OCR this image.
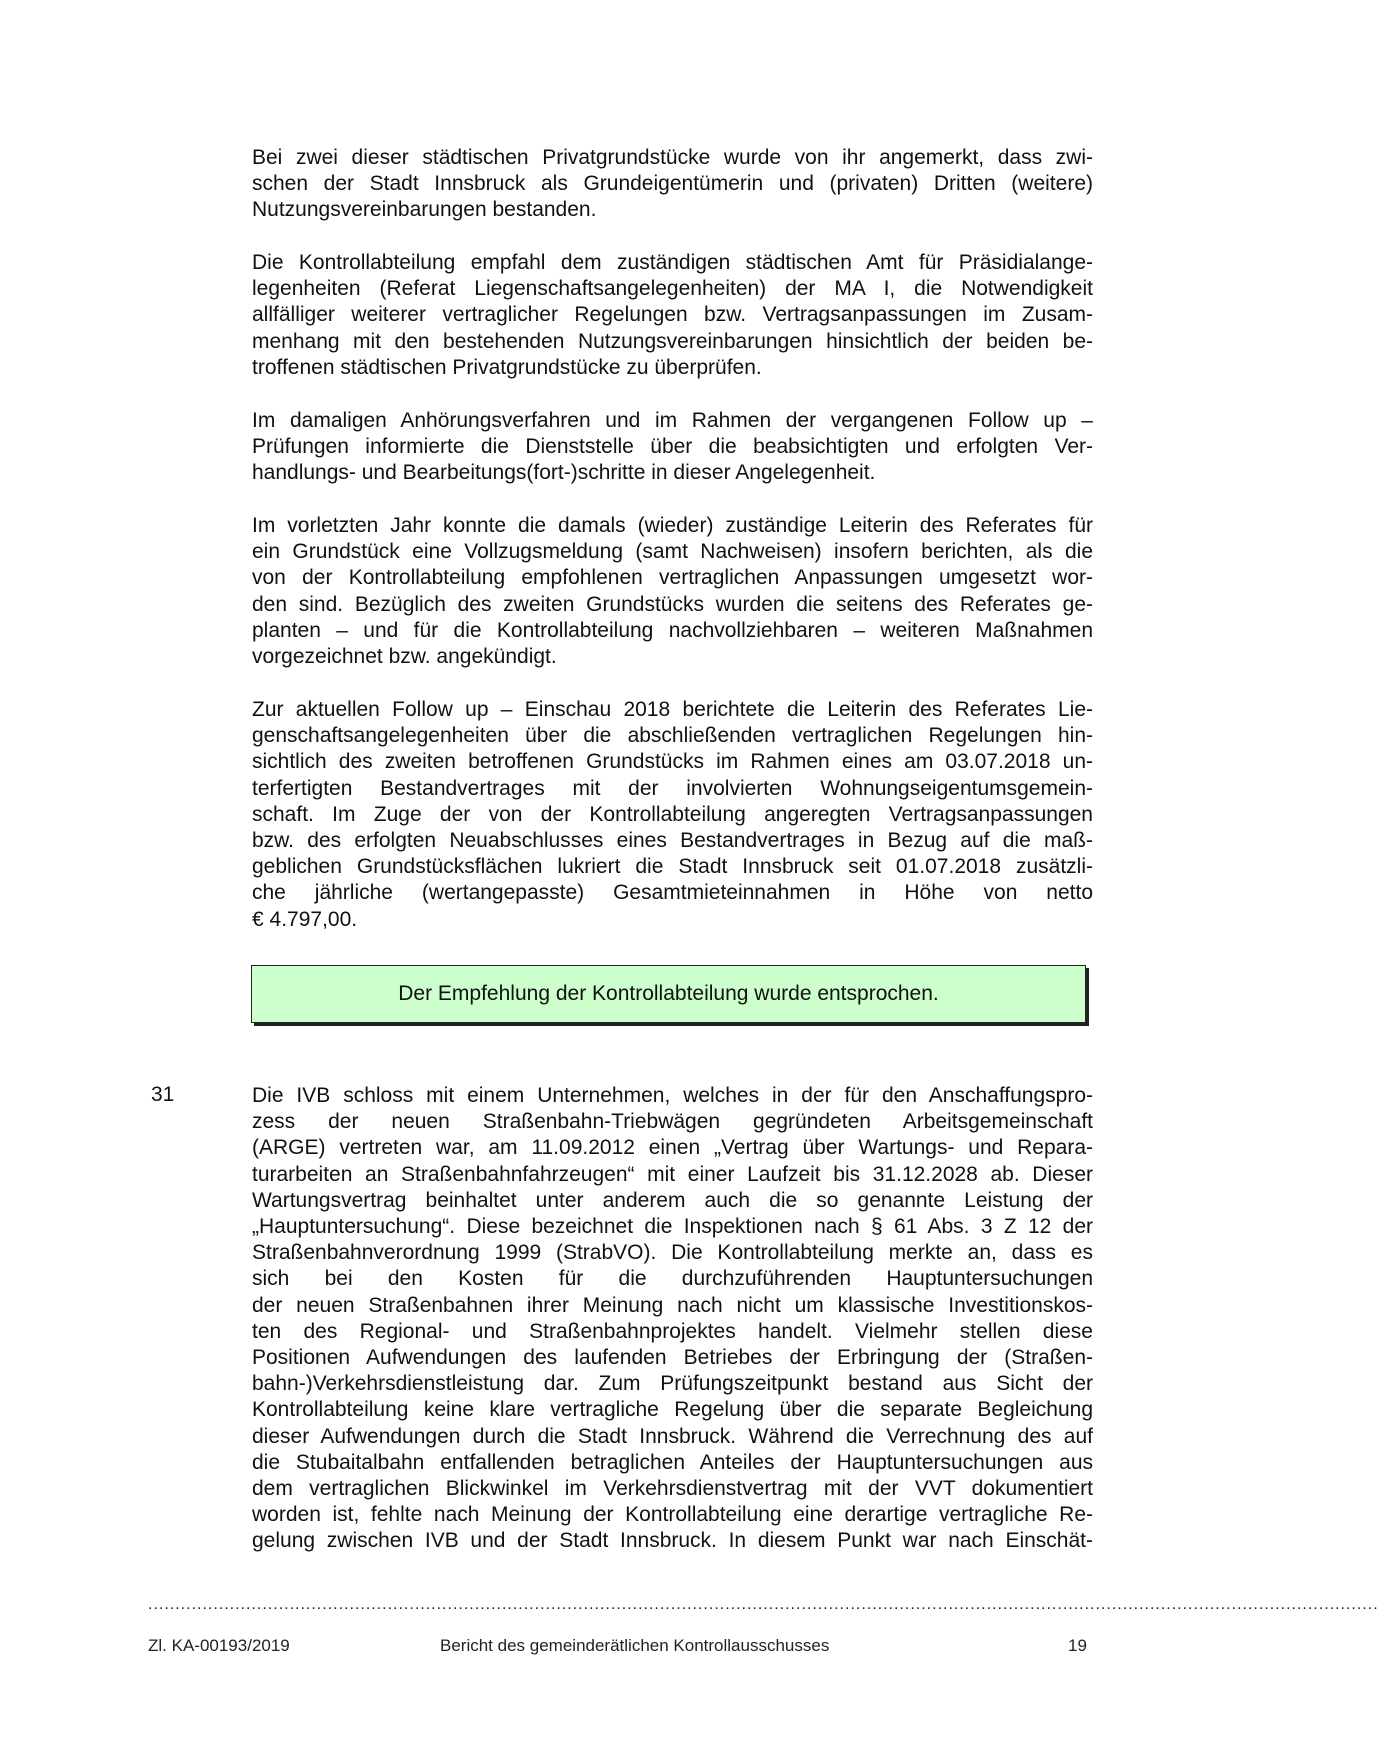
Bei zwei dieser städtischen Privatgrundstücke wurde von ihr angemerkt, dass zwi-
schen der Stadt Innsbruck als Grundeigentümerin und (privaten) Dritten (weitere)
Nutzungsvereinbarungen bestanden.
Die Kontrollabteilung empfahl dem zuständigen städtischen Amt für Präsidialange-
legenheiten (Referat Liegenschaftsangelegenheiten) der MA I, die Notwendigkeit
allfälliger weiterer vertraglicher Regelungen bzw. Vertragsanpassungen im Zusam-
menhang mit den bestehenden Nutzungsvereinbarungen hinsichtlich der beiden be-
troffenen städtischen Privatgrundstücke zu überprüfen.
Im damaligen Anhörungsverfahren und im Rahmen der vergangenen Follow up –
Prüfungen informierte die Dienststelle über die beabsichtigten und erfolgten Ver-
handlungs- und Bearbeitungs(fort-)schritte in dieser Angelegenheit.
Im vorletzten Jahr konnte die damals (wieder) zuständige Leiterin des Referates für
ein Grundstück eine Vollzugsmeldung (samt Nachweisen) insofern berichten, als die
von der Kontrollabteilung empfohlenen vertraglichen Anpassungen umgesetzt wor-
den sind. Bezüglich des zweiten Grundstücks wurden die seitens des Referates ge-
planten – und für die Kontrollabteilung nachvollziehbaren – weiteren Maßnahmen
vorgezeichnet bzw. angekündigt.
Zur aktuellen Follow up – Einschau 2018 berichtete die Leiterin des Referates Lie-
genschaftsangelegenheiten über die abschließenden vertraglichen Regelungen hin-
sichtlich des zweiten betroffenen Grundstücks im Rahmen eines am 03.07.2018 un-
terfertigten Bestandvertrages mit der involvierten Wohnungseigentumsgemein-
schaft. Im Zuge der von der Kontrollabteilung angeregten Vertragsanpassungen
bzw. des erfolgten Neuabschlusses eines Bestandvertrages in Bezug auf die maß-
geblichen Grundstücksflächen lukriert die Stadt Innsbruck seit 01.07.2018 zusätzli-
che jährliche (wertangepasste) Gesamtmieteinnahmen in Höhe von netto
€ 4.797,00.
Der Empfehlung der Kontrollabteilung wurde entsprochen.
31	Die IVB schloss mit einem Unternehmen, welches in der für den Anschaffungspro-
zess der neuen Straßenbahn-Triebwägen gegründeten Arbeitsgemeinschaft
(ARGE) vertreten war, am 11.09.2012 einen „Vertrag über Wartungs- und Repara-
turarbeiten an Straßenbahnfahrzeugen“ mit einer Laufzeit bis 31.12.2028 ab. Dieser
Wartungsvertrag beinhaltet unter anderem auch die so genannte Leistung der
„Hauptuntersuchung“. Diese bezeichnet die Inspektionen nach § 61 Abs. 3 Z 12 der
Straßenbahnverordnung 1999 (StrabVO). Die Kontrollabteilung merkte an, dass es
sich bei den Kosten für die durchzuführenden Hauptuntersuchungen
der neuen Straßenbahnen ihrer Meinung nach nicht um klassische Investitionskos-
ten des Regional- und Straßenbahnprojektes handelt. Vielmehr stellen diese
Positionen Aufwendungen des laufenden Betriebes der Erbringung der (Straßen-
bahn-)Verkehrsdienstleistung dar. Zum Prüfungszeitpunkt bestand aus Sicht der
Kontrollabteilung keine klare vertragliche Regelung über die separate Begleichung
dieser Aufwendungen durch die Stadt Innsbruck. Während die Verrechnung des auf
die Stubaitalbahn entfallenden betraglichen Anteiles der Hauptuntersuchungen aus
dem vertraglichen Blickwinkel im Verkehrsdienstvertrag mit der VVT dokumentiert
worden ist, fehlte nach Meinung der Kontrollabteilung eine derartige vertragliche Re-
gelung zwischen IVB und der Stadt Innsbruck. In diesem Punkt war nach Einschät-
..................................................................................................................................................................................................................................
Zl. KA-00193/2019	Bericht des gemeinderätlichen Kontrollausschusses	19
